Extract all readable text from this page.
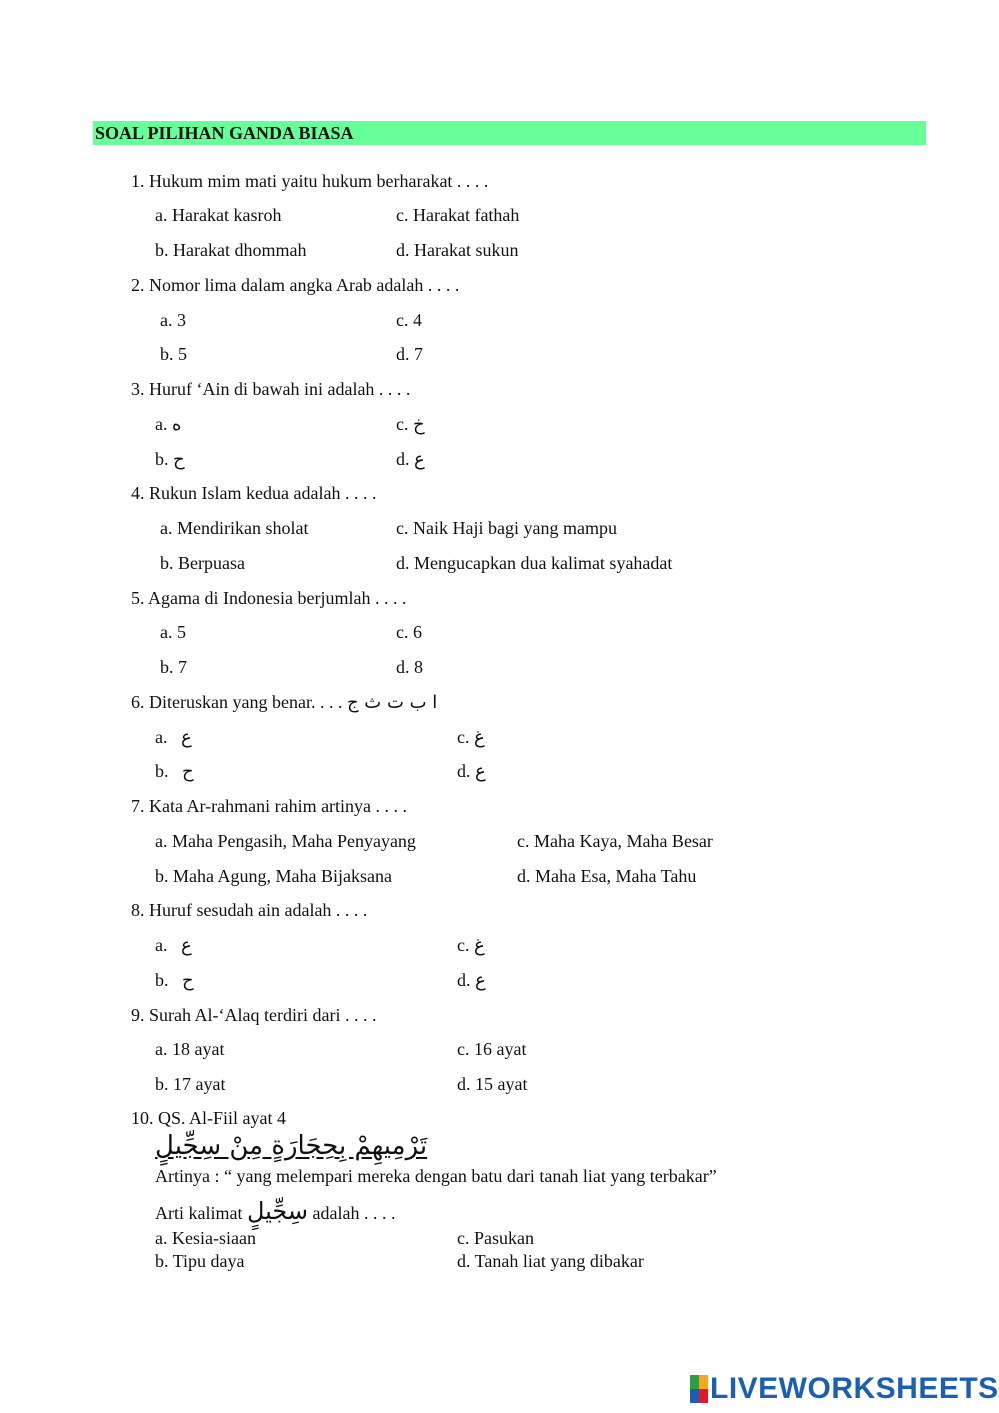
SOAL PILIHAN GANDA BIASA
1. Hukum mim mati yaitu hukum berharakat . . . .
a. Harakat kasroh	c. Harakat fathah
b. Harakat dhommah	d. Harakat sukun
2. Nomor lima dalam angka Arab adalah . . . .
a. 3	c. 4
b. 5	d. 7
3. Huruf ‘Ain di bawah ini adalah . . . .
a. ه	c. خ
b. ح	d. ع
4. Rukun Islam kedua adalah . . . .
a. Mendirikan sholat	c. Naik Haji bagi yang mampu
b. Berpuasa	d. Mengucapkan dua kalimat syahadat
5. Agama di Indonesia berjumlah . . . .
a. 5	c. 6
b. 7	d. 8
6. Diteruskan yang benar. . . . ا ب ت ث ج
a. ع	c. غ
b. ح	d. ع
7. Kata Ar-rahmani rahim artinya . . . .
a. Maha Pengasih, Maha Penyayang	c. Maha Kaya, Maha Besar
b. Maha Agung, Maha Bijaksana	d. Maha Esa, Maha Tahu
8. Huruf sesudah ain adalah . . . .
a. ع	c. غ
b. ح	d. ع
9. Surah Al-‘Alaq terdiri dari . . . .
a. 18 ayat	c. 16 ayat
b. 17 ayat	d. 15 ayat
10. QS. Al-Fiil ayat 4
تَرْمِيهِمْ بِحِجَارَةٍ مِنْ سِجِّيلٍ
Artinya : “ yang melempari mereka dengan batu dari tanah liat yang terbakar”
Arti kalimat سِجِّيلٍ adalah . . . .
a. Kesia-siaan	c. Pasukan
b. Tipu daya	d. Tanah liat yang dibakar
LIVEWORKSHEETS
